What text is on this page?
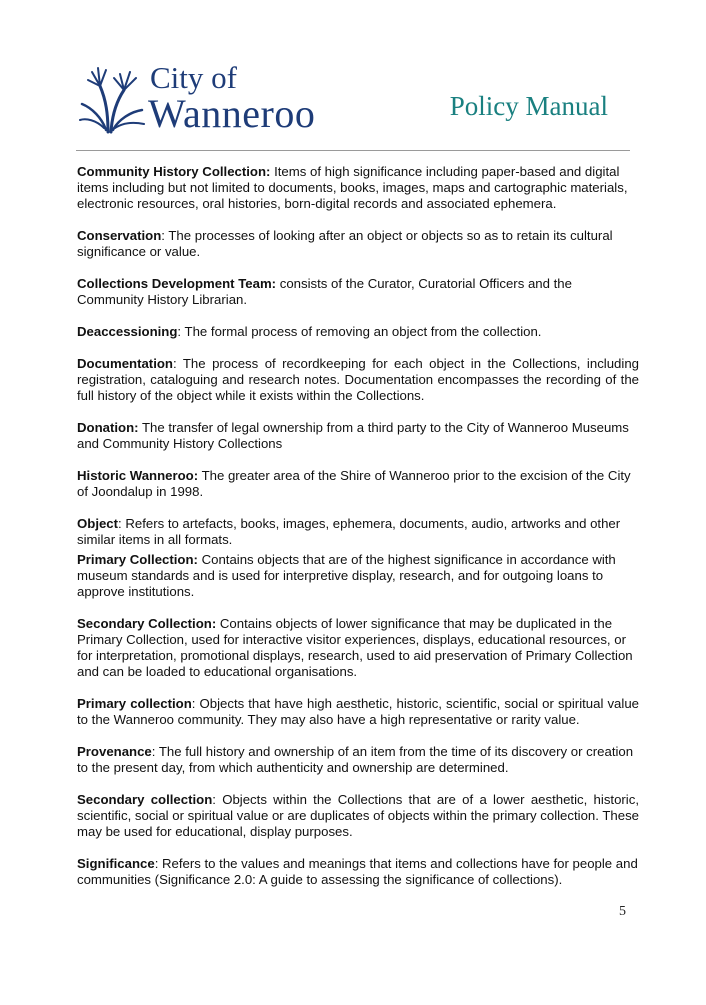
City of
Wanneroo	Policy Manual

Community History Collection: Items of high significance including paper-based and digital items including but not limited to documents, books, images, maps and cartographic materials, electronic resources, oral histories, born-digital records and associated ephemera.

Conservation: The processes of looking after an object or objects so as to retain its cultural significance or value.

Collections Development Team: consists of the Curator, Curatorial Officers and the Community History Librarian.

Deaccessioning: The formal process of removing an object from the collection.

Documentation: The process of recordkeeping for each object in the Collections, including registration, cataloguing and research notes. Documentation encompasses the recording of the full history of the object while it exists within the Collections.

Donation: The transfer of legal ownership from a third party to the City of Wanneroo Museums and Community History Collections

Historic Wanneroo: The greater area of the Shire of Wanneroo prior to the excision of the City of Joondalup in 1998.

Object: Refers to artefacts, books, images, ephemera, documents, audio, artworks and other similar items in all formats.

Primary Collection: Contains objects that are of the highest significance in accordance with museum standards and is used for interpretive display, research, and for outgoing loans to approve institutions.

Secondary Collection: Contains objects of lower significance that may be duplicated in the Primary Collection, used for interactive visitor experiences, displays, educational resources, or for interpretation, promotional displays, research, used to aid preservation of Primary Collection and can be loaded to educational organisations.

Primary collection: Objects that have high aesthetic, historic, scientific, social or spiritual value to the Wanneroo community. They may also have a high representative or rarity value.

Provenance: The full history and ownership of an item from the time of its discovery or creation to the present day, from which authenticity and ownership are determined.

Secondary collection: Objects within the Collections that are of a lower aesthetic, historic, scientific, social or spiritual value or are duplicates of objects within the primary collection. These may be used for educational, display purposes.

Significance: Refers to the values and meanings that items and collections have for people and communities (Significance 2.0: A guide to assessing the significance of collections).

5
